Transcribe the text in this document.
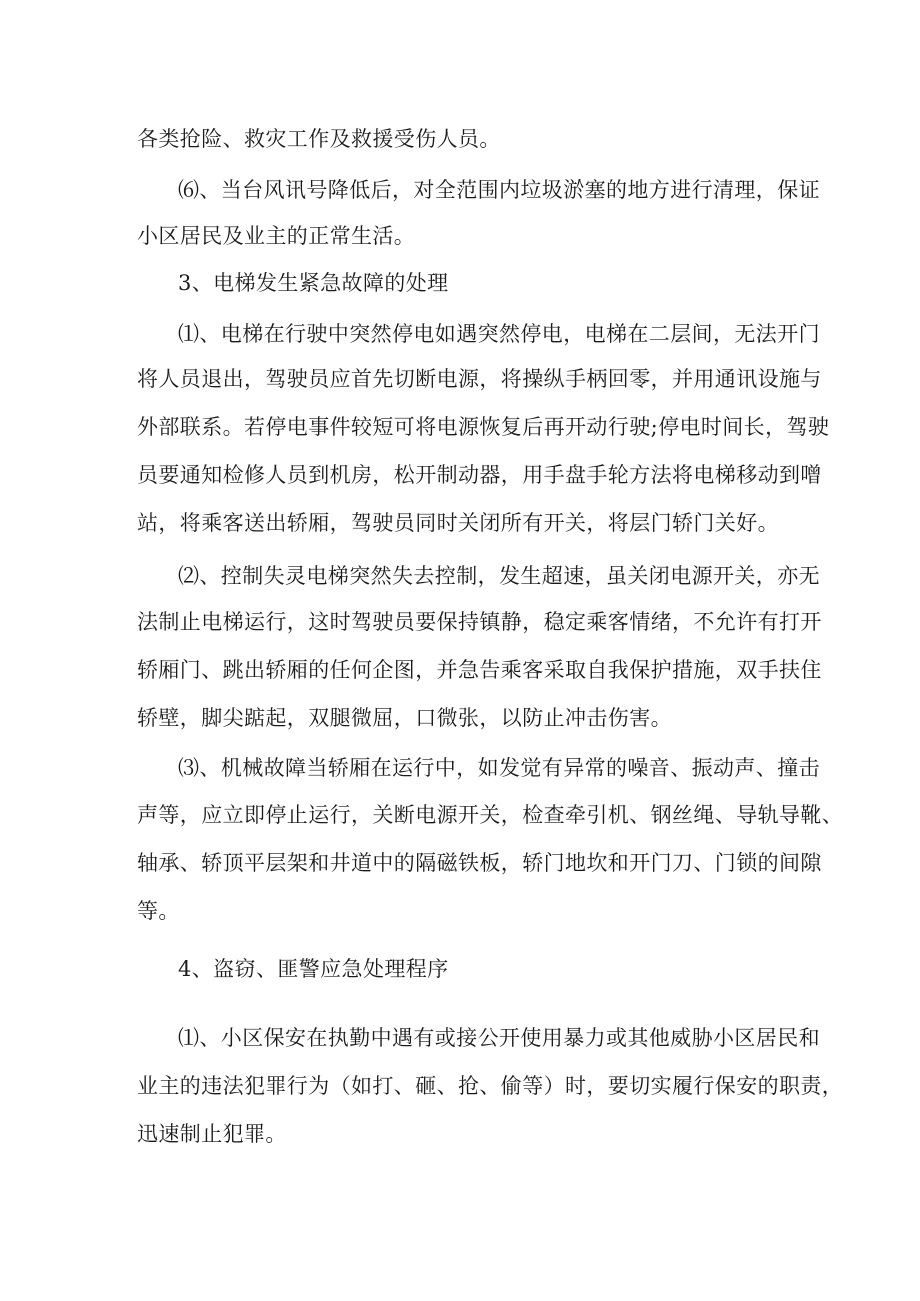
各类抢险、救灾工作及救援受伤人员。
⑹、当台风讯号降低后，对全范围内垃圾淤塞的地方进行清理，保证
小区居民及业主的正常生活。
3、电梯发生紧急故障的处理
⑴、电梯在行驶中突然停电如遇突然停电，电梯在二层间，无法开门
将人员退出，驾驶员应首先切断电源，将操纵手柄回零，并用通讯设施与
外部联系。若停电事件较短可将电源恢复后再开动行驶;停电时间长，驾驶
员要通知检修人员到机房，松开制动器，用手盘手轮方法将电梯移动到噌
站，将乘客送出轿厢，驾驶员同时关闭所有开关，将层门轿门关好。
⑵、控制失灵电梯突然失去控制，发生超速，虽关闭电源开关，亦无
法制止电梯运行，这时驾驶员要保持镇静，稳定乘客情绪，不允许有打开
轿厢门、跳出轿厢的任何企图，并急告乘客采取自我保护措施，双手扶住
轿壁，脚尖踮起，双腿微屈，口微张，以防止冲击伤害。
⑶、机械故障当轿厢在运行中，如发觉有异常的噪音、振动声、撞击
声等，应立即停止运行，关断电源开关，检查牵引机、钢丝绳、导轨导靴、
轴承、轿顶平层架和井道中的隔磁铁板，轿门地坎和开门刀、门锁的间隙
等。
4、盗窃、匪警应急处理程序
⑴、小区保安在执勤中遇有或接公开使用暴力或其他威胁小区居民和
业主的违法犯罪行为（如打、砸、抢、偷等）时，要切实履行保安的职责，
迅速制止犯罪。
